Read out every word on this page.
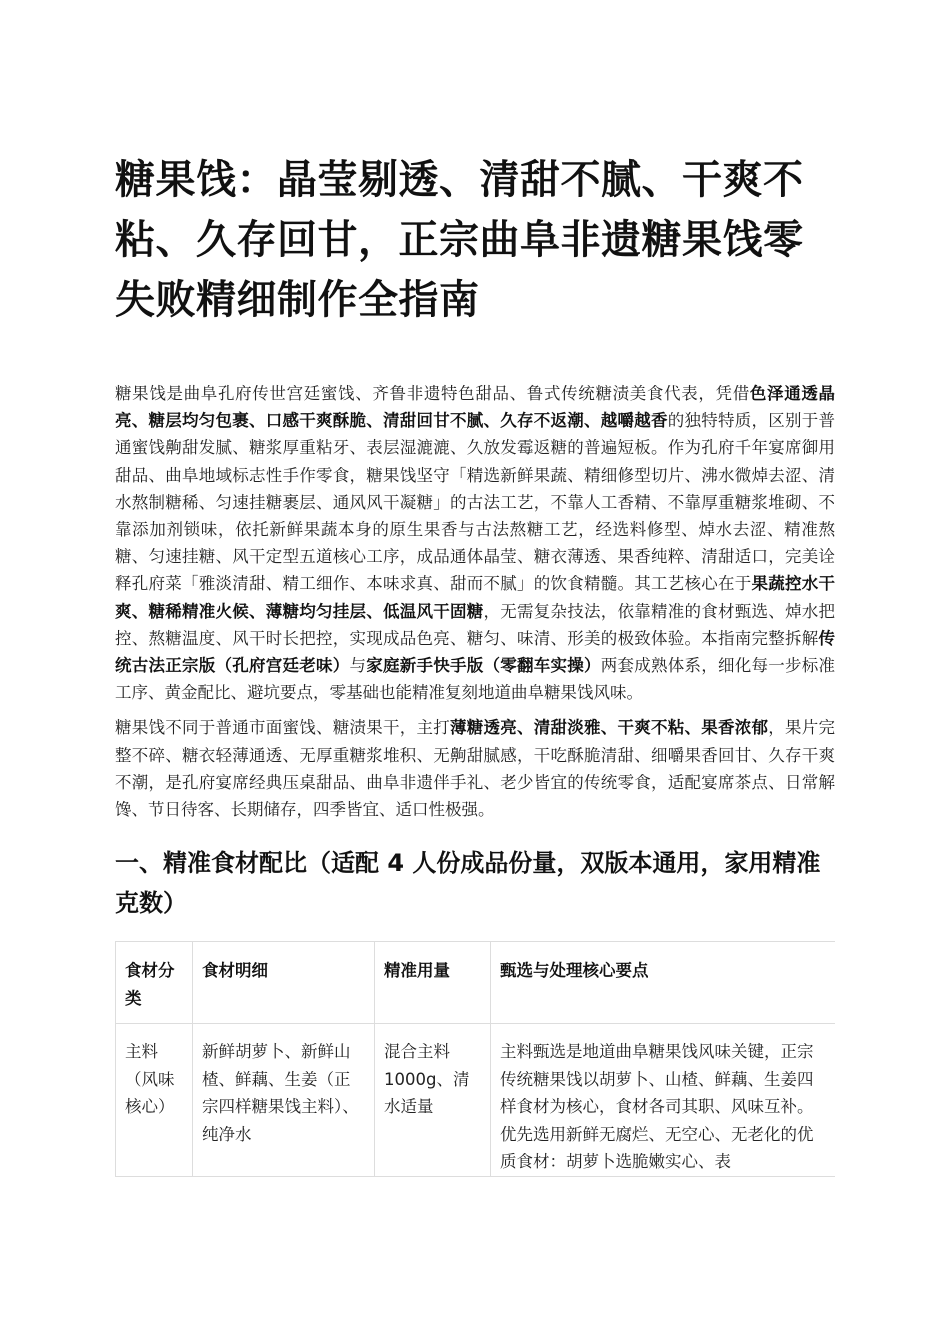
糖果饯：晶莹剔透、清甜不腻、干爽不粘、久存回甘，正宗曲阜非遗糖果饯零失败精细制作全指南

糖果饯是曲阜孔府传世宫廷蜜饯、齐鲁非遗特色甜品、鲁式传统糖渍美食代表，凭借色泽通透晶亮、糖层均匀包裹、口感干爽酥脆、清甜回甘不腻、久存不返潮、越嚼越香的独特特质，区别于普通蜜饯齁甜发腻、糖浆厚重粘牙、表层湿漉漉、久放发霉返糖的普遍短板。作为孔府千年宴席御用甜品、曲阜地域标志性手作零食，糖果饯坚守「精选新鲜果蔬、精细修型切片、沸水微焯去涩、清水熬制糖稀、匀速挂糖裹层、通风风干凝糖」的古法工艺，不靠人工香精、不靠厚重糖浆堆砌、不靠添加剂锁味，依托新鲜果蔬本身的原生果香与古法熬糖工艺，经选料修型、焯水去涩、精准熬糖、匀速挂糖、风干定型五道核心工序，成品通体晶莹、糖衣薄透、果香纯粹、清甜适口，完美诠释孔府菜「雅淡清甜、精工细作、本味求真、甜而不腻」的饮食精髓。其工艺核心在于果蔬控水干爽、糖稀精准火候、薄糖均匀挂层、低温风干固糖，无需复杂技法，依靠精准的食材甄选、焯水把控、熬糖温度、风干时长把控，实现成品色亮、糖匀、味清、形美的极致体验。本指南完整拆解传统古法正宗版（孔府宫廷老味）与家庭新手快手版（零翻车实操）两套成熟体系，细化每一步标准工序、黄金配比、避坑要点，零基础也能精准复刻地道曲阜糖果饯风味。

糖果饯不同于普通市面蜜饯、糖渍果干，主打薄糖透亮、清甜淡雅、干爽不粘、果香浓郁，果片完整不碎、糖衣轻薄通透、无厚重糖浆堆积、无齁甜腻感，干吃酥脆清甜、细嚼果香回甘、久存干爽不潮，是孔府宴席经典压桌甜品、曲阜非遗伴手礼、老少皆宜的传统零食，适配宴席茶点、日常解馋、节日待客、长期储存，四季皆宜、适口性极强。

一、精准食材配比（适配 4 人份成品份量，双版本通用，家用精准克数）
食材分类	食材明细	精准用量	甄选与处理核心要点
主料（风味核心）	新鲜胡萝卜、新鲜山楂、鲜藕、生姜（正宗四样糖果饯主料）、纯净水	混合主料 1000g、清水适量	主料甄选是地道曲阜糖果饯风味关键，正宗传统糖果饯以胡萝卜、山楂、鲜藕、生姜四样食材为核心，食材各司其职、风味互补。优先选用新鲜无腐烂、无空心、无老化的优质食材：胡萝卜选脆嫩实心、表
